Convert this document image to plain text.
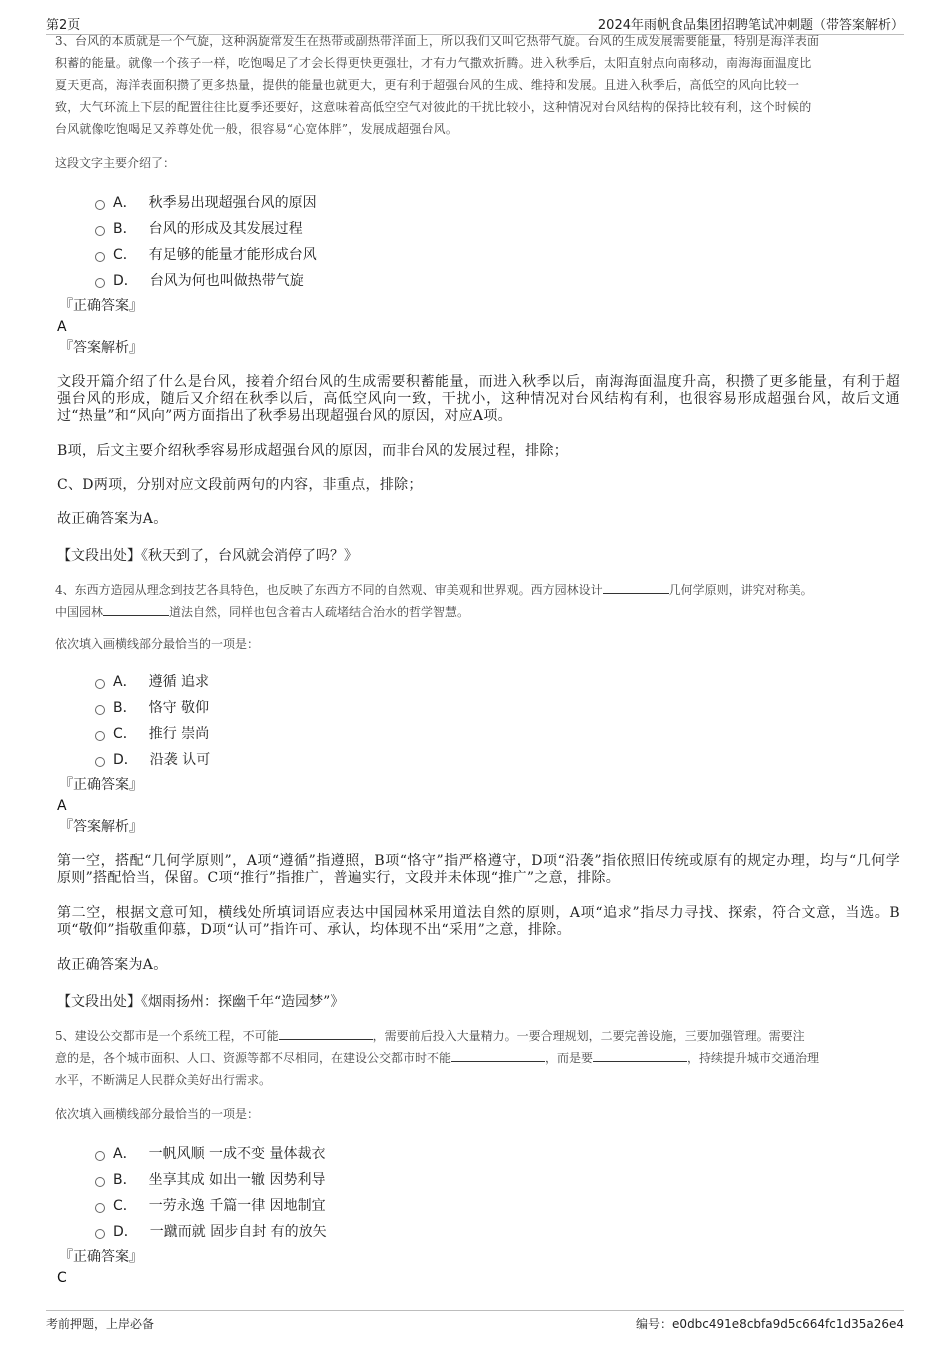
第2页	2024年雨帆食品集团招聘笔试冲刺题（带答案解析）

3、台风的本质就是一个气旋，这种涡旋常发生在热带或副热带洋面上，所以我们又叫它热带气旋。台风的生成发展需要能量，特别是海洋表面

积蓄的能量。就像一个孩子一样，吃饱喝足了才会长得更快更强壮，才有力气撒欢折腾。进入秋季后，太阳直射点向南移动，南海海面温度比

夏天更高，海洋表面积攒了更多热量，提供的能量也就更大，更有利于超强台风的生成、维持和发展。且进入秋季后，高低空的风向比较一

致，大气环流上下层的配置往往比夏季还要好，这意味着高低空空气对彼此的干扰比较小，这种情况对台风结构的保持比较有利，这个时候的

台风就像吃饱喝足又养尊处优一般，很容易“心宽体胖”，发展成超强台风。

这段文字主要介绍了：

A． 秋季易出现超强台风的原因
B． 台风的形成及其发展过程
C． 有足够的能量才能形成台风
D． 台风为何也叫做热带气旋

『正确答案』

A

『答案解析』

文段开篇介绍了什么是台风，接着介绍台风的生成需要积蓄能量，而进入秋季以后，南海海面温度升高，积攒了更多能量，有利于超强台风的形成，随后又介绍在秋季以后，高低空风向一致，干扰小，这种情况对台风结构有利，也很容易形成超强台风，故后文通过“热量”和“风向”两方面指出了秋季易出现超强台风的原因，对应A项。

B项，后文主要介绍秋季容易形成超强台风的原因，而非台风的发展过程，排除；

C、D两项，分别对应文段前两句的内容，非重点，排除；

故正确答案为A。

【文段出处】《秋天到了，台风就会消停了吗？》

4、东西方造园从理念到技艺各具特色，也反映了东西方不同的自然观、审美观和世界观。西方园林设计	几何学原则，讲究对称美。
中国园林	道法自然，同样也包含着古人疏堵结合治水的哲学智慧。

依次填入画横线部分最恰当的一项是：

A． 遵循 追求
B． 恪守 敬仰
C． 推行 崇尚
D． 沿袭 认可

『正确答案』

A

『答案解析』

第一空，搭配“几何学原则”，A项“遵循”指遵照，B项“恪守”指严格遵守，D项“沿袭”指依照旧传统或原有的规定办理，均与“几何学原则”搭配恰当，保留。C项“推行”指推广，普遍实行，文段并未体现“推广”之意，排除。

第二空，根据文意可知，横线处所填词语应表达中国园林采用道法自然的原则，A项“追求”指尽力寻找、探索，符合文意，当选。B项“敬仰”指敬重仰慕，D项“认可”指许可、承认，均体现不出“采用”之意，排除。

故正确答案为A。

【文段出处】《烟雨扬州：探幽千年“造园梦”》

5、建设公交都市是一个系统工程，不可能	，需要前后投入大量精力。一要合理规划，二要完善设施，三要加强管理。需要注
意的是，各个城市面积、人口、资源等都不尽相同，在建设公交都市时不能	，而是要	，持续提升城市交通治理
水平，不断满足人民群众美好出行需求。

依次填入画横线部分最恰当的一项是：

A． 一帆风顺 一成不变 量体裁衣
B． 坐享其成 如出一辙 因势利导
C． 一劳永逸 千篇一律 因地制宜
D． 一蹴而就 固步自封 有的放矢

『正确答案』

C

考前押题，上岸必备	编号：e0dbc491e8cbfa9d5c664fc1d35a26e4
